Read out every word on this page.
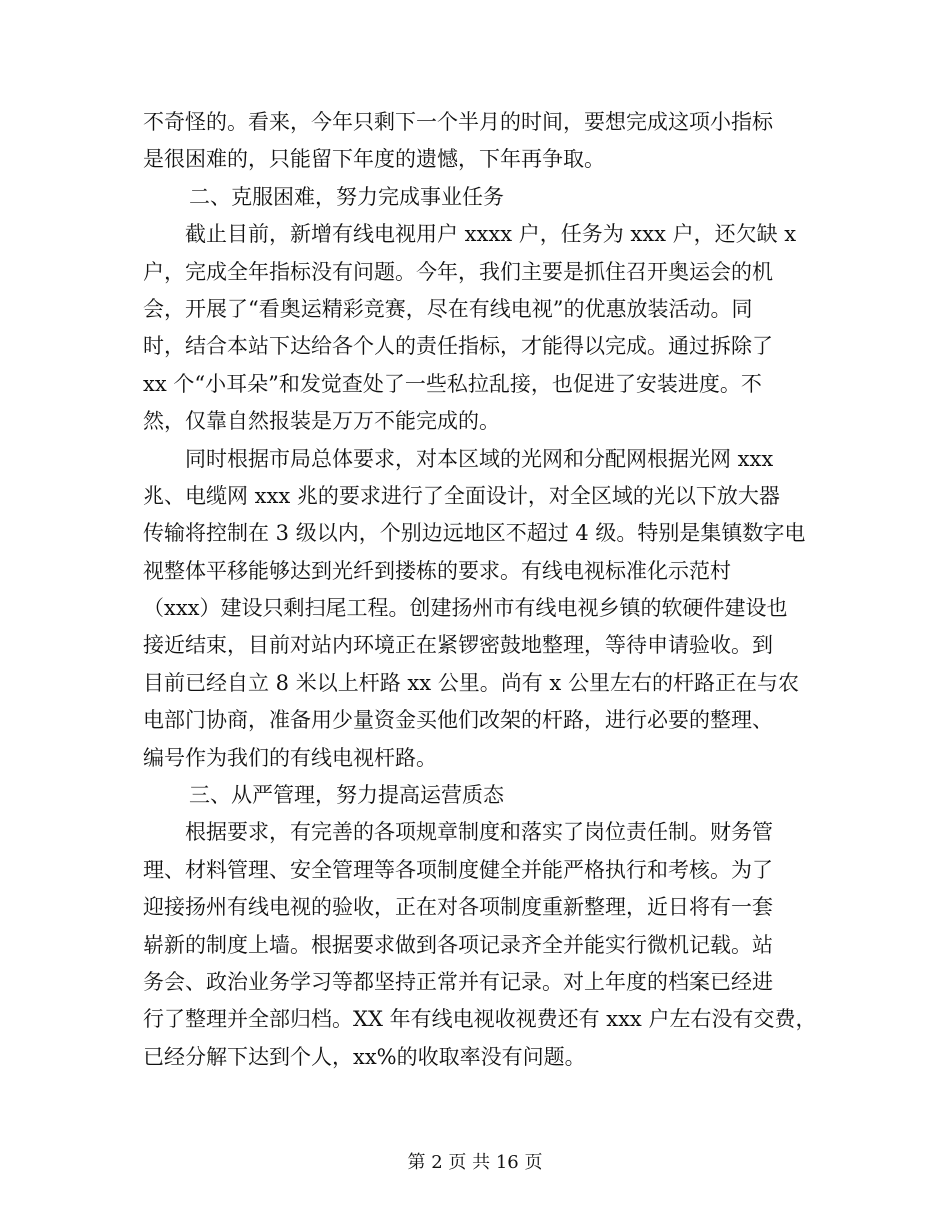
不奇怪的。看来，今年只剩下一个半月的时间，要想完成这项小指标
是很困难的，只能留下年度的遗憾，下年再争取。
二、克服困难，努力完成事业任务
截止目前，新增有线电视用户 xxxx 户，任务为 xxx 户，还欠缺 x
户，完成全年指标没有问题。今年，我们主要是抓住召开奥运会的机
会，开展了“看奥运精彩竞赛，尽在有线电视”的优惠放装活动。同
时，结合本站下达给各个人的责任指标，才能得以完成。通过拆除了
xx 个“小耳朵”和发觉查处了一些私拉乱接，也促进了安装进度。不
然，仅靠自然报装是万万不能完成的。
同时根据市局总体要求，对本区域的光网和分配网根据光网 xxx
兆、电缆网 xxx 兆的要求进行了全面设计，对全区域的光以下放大器
传输将控制在 3 级以内，个别边远地区不超过 4 级。特别是集镇数字电
视整体平移能够达到光纤到搂栋的要求。有线电视标准化示范村
（xxx）建设只剩扫尾工程。创建扬州市有线电视乡镇的软硬件建设也
接近结束，目前对站内环境正在紧锣密鼓地整理，等待申请验收。到
目前已经自立 8 米以上杆路 xx 公里。尚有 x 公里左右的杆路正在与农
电部门协商，准备用少量资金买他们改架的杆路，进行必要的整理、
编号作为我们的有线电视杆路。
三、从严管理，努力提高运营质态
根据要求，有完善的各项规章制度和落实了岗位责任制。财务管
理、材料管理、安全管理等各项制度健全并能严格执行和考核。为了
迎接扬州有线电视的验收，正在对各项制度重新整理，近日将有一套
崭新的制度上墙。根据要求做到各项记录齐全并能实行微机记载。站
务会、政治业务学习等都坚持正常并有记录。对上年度的档案已经进
行了整理并全部归档。XX 年有线电视收视费还有 xxx 户左右没有交费，
已经分解下达到个人，xx%的收取率没有问题。
第 2 页 共 16 页
